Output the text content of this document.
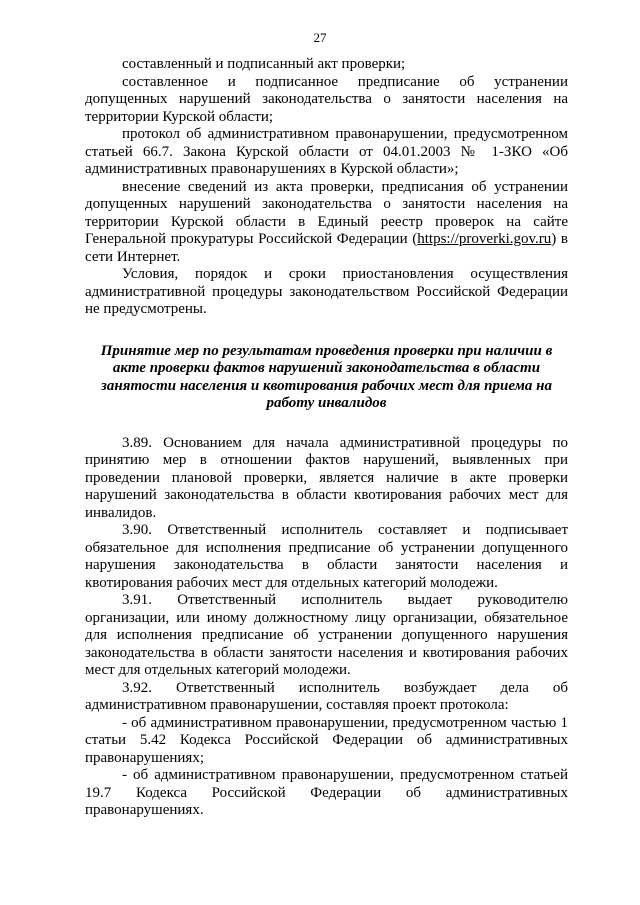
27

составленный и подписанный акт проверки;

составленное и подписанное предписание об устранении допущенных нарушений законодательства о занятости населения на территории Курской области;

протокол об административном правонарушении, предусмотренном статьей 66.7. Закона Курской области от 04.01.2003 № 1-ЗКО «Об административных правонарушениях в Курской области»;

внесение сведений из акта проверки, предписания об устранении допущенных нарушений законодательства о занятости населения на территории Курской области в Единый реестр проверок на сайте Генеральной прокуратуры Российской Федерации (https://proverki.gov.ru) в сети Интернет.

Условия, порядок и сроки приостановления осуществления административной процедуры законодательством Российской Федерации не предусмотрены.

Принятие мер по результатам проведения проверки при наличии в акте проверки фактов нарушений законодательства в области занятости населения и квотирования рабочих мест для приема на работу инвалидов

3.89. Основанием для начала административной процедуры по принятию мер в отношении фактов нарушений, выявленных при проведении плановой проверки, является наличие в акте проверки нарушений законодательства в области квотирования рабочих мест для инвалидов.

3.90. Ответственный исполнитель составляет и подписывает обязательное для исполнения предписание об устранении допущенного нарушения законодательства в области занятости населения и квотирования рабочих мест для отдельных категорий молодежи.

3.91. Ответственный исполнитель выдает руководителю организации, или иному должностному лицу организации, обязательное для исполнения предписание об устранении допущенного нарушения законодательства в области занятости населения и квотирования рабочих мест для отдельных категорий молодежи.

3.92. Ответственный исполнитель возбуждает дела об административном правонарушении, составляя проект протокола:

- об административном правонарушении, предусмотренном частью 1 статьи 5.42 Кодекса Российской Федерации об административных правонарушениях;

- об административном правонарушении, предусмотренном статьей 19.7 Кодекса Российской Федерации об административных правонарушениях.
